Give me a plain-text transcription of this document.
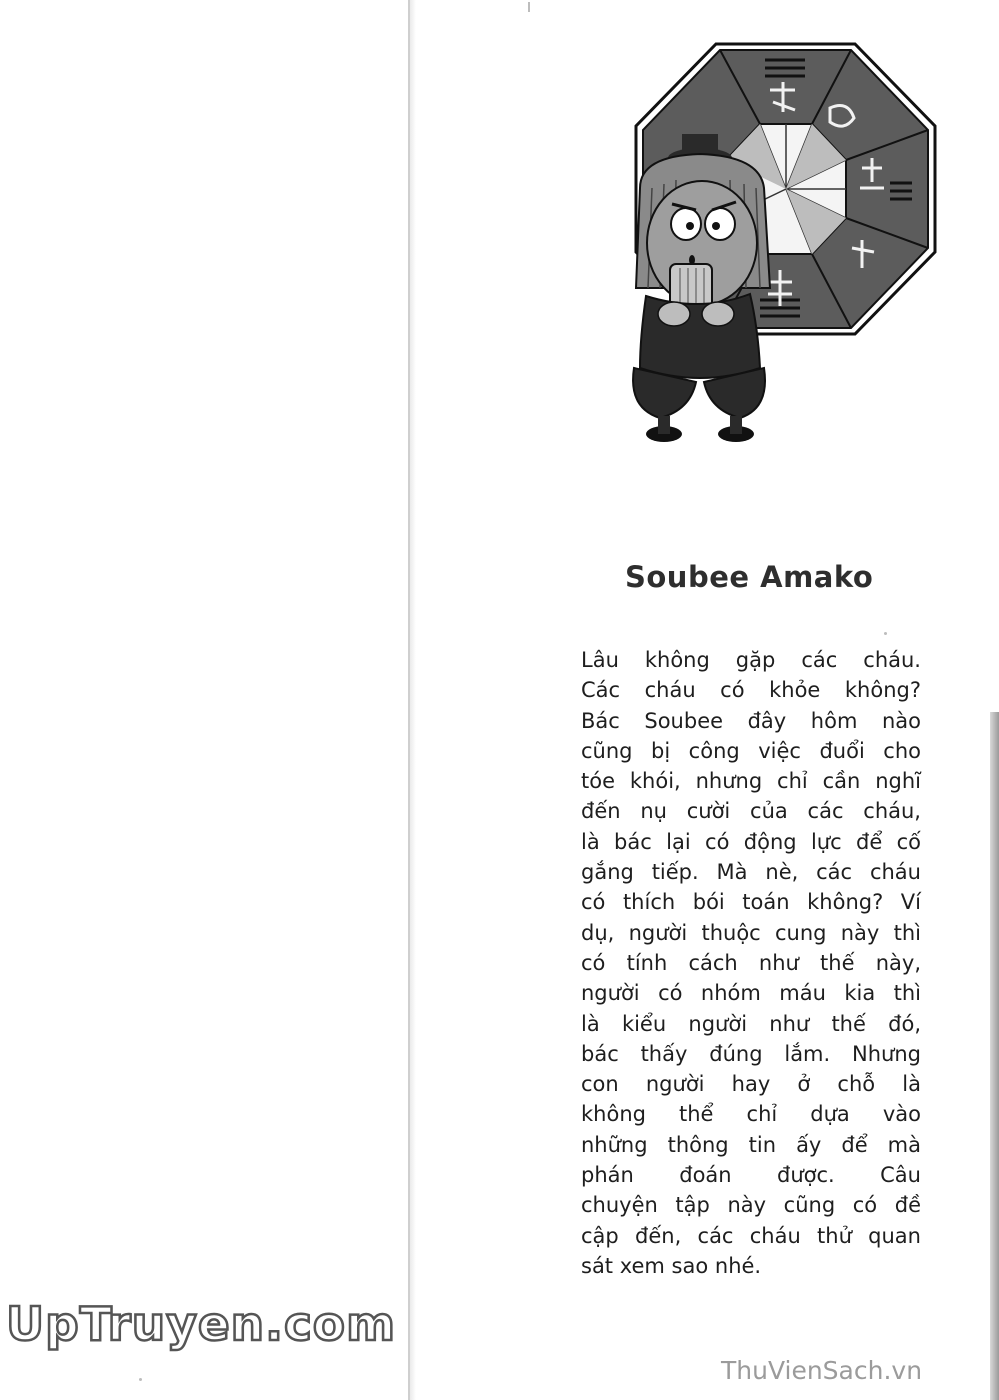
Soubee Amako

Lâu không gặp các cháu.
Các cháu có khỏe không?
Bác Soubee đây hôm nào
cũng bị công việc đuổi cho
tóe khói, nhưng chỉ cần nghĩ
đến nụ cười của các cháu,
là bác lại có động lực để cố
gắng tiếp. Mà nè, các cháu
có thích bói toán không? Ví
dụ, người thuộc cung này thì
có tính cách như thế này,
người có nhóm máu kia thì
là kiểu người như thế đó,
bác thấy đúng lắm. Nhưng
con người hay ở chỗ là
không thể chỉ dựa vào
những thông tin ấy để mà
phán đoán được. Câu
chuyện tập này cũng có đề
cập đến, các cháu thử quan
sát xem sao nhé.

UpTruyen.com
ThuVienSach.vn
